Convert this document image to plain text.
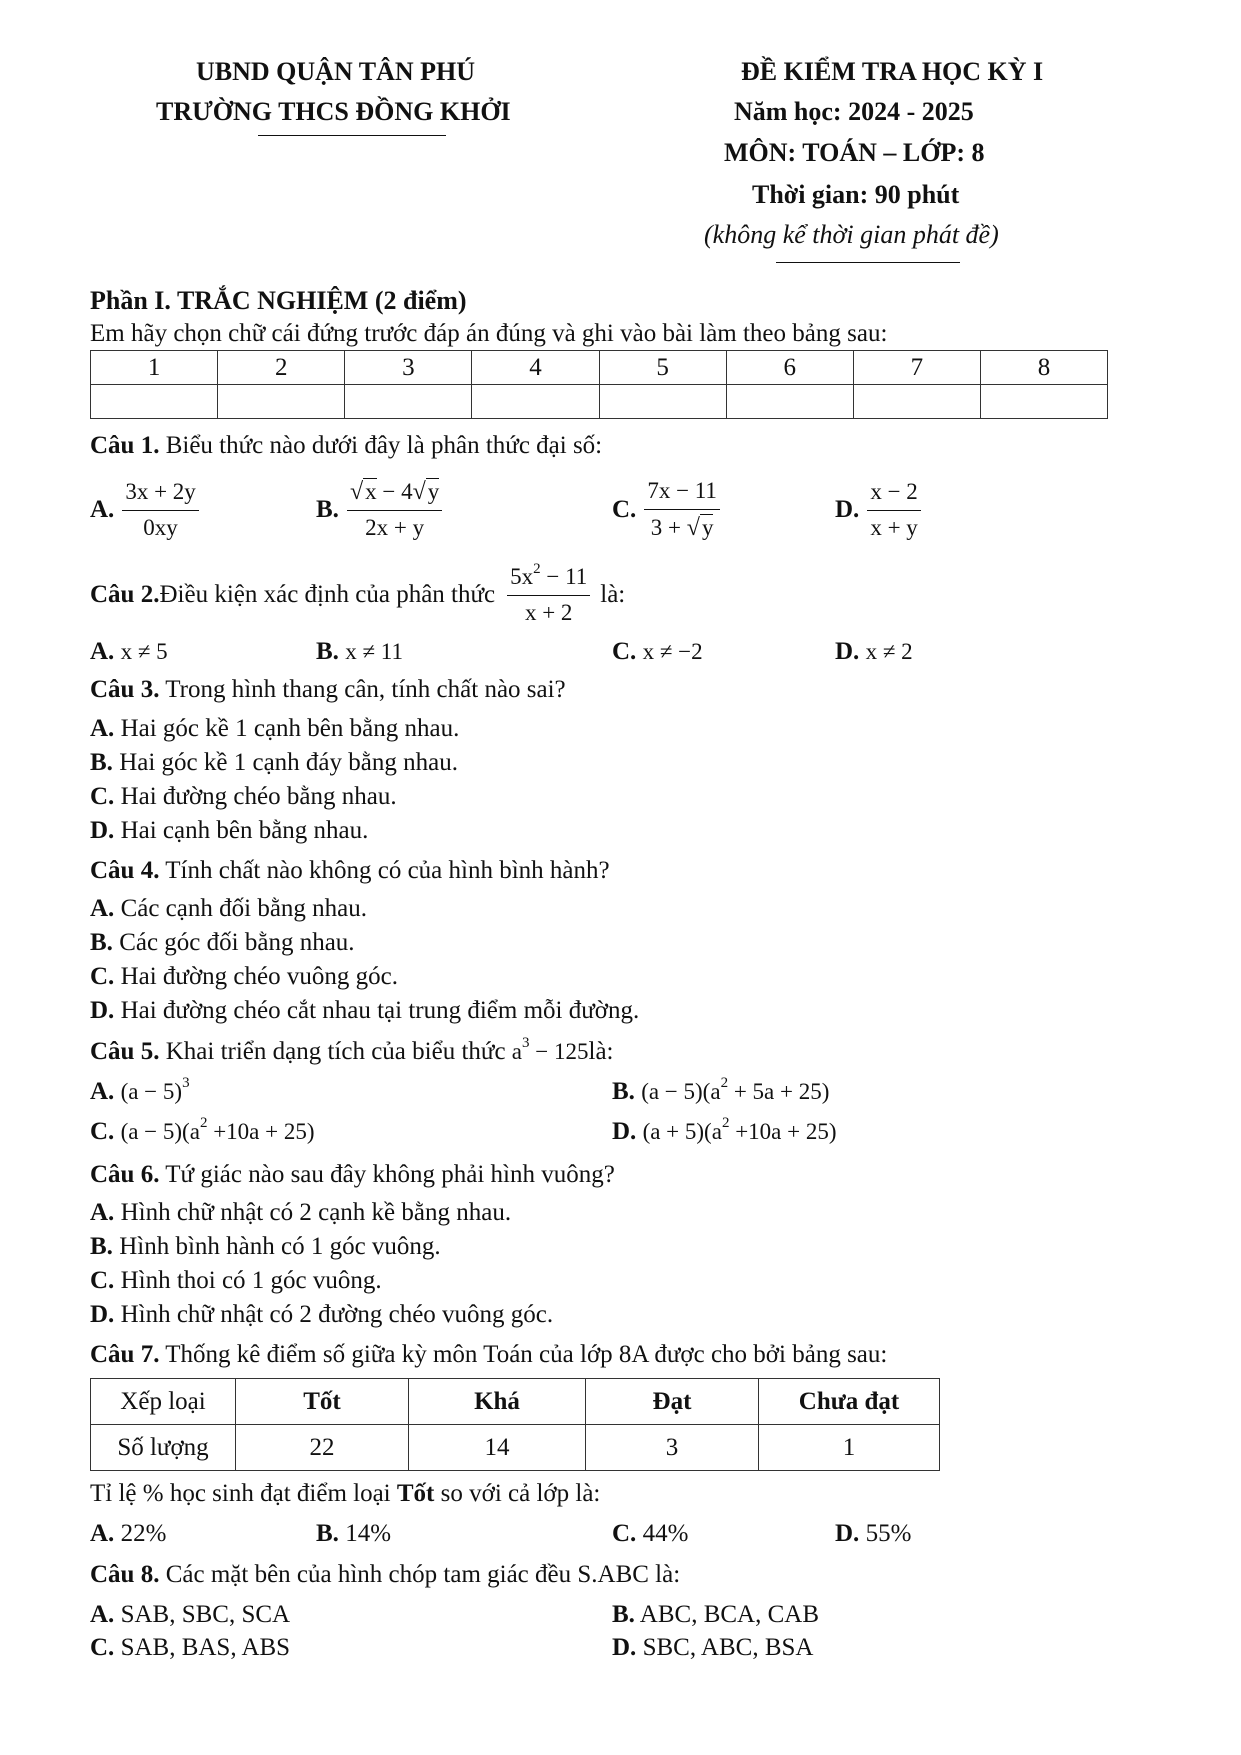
UBND QUẬN TÂN PHÚ
TRƯỜNG THCS ĐỒNG KHỞI
ĐỀ KIỂM TRA HỌC KỲ I
Năm học: 2024 - 2025
MÔN: TOÁN – LỚP: 8
Thời gian: 90 phút
(không kể thời gian phát đề)
Phần I. TRẮC NGHIỆM (2 điểm)
Em hãy chọn chữ cái đứng trước đáp án đúng và ghi vào bài làm theo bảng sau:
1	2	3	4	5	6	7	8

Câu 1. Biểu thức nào dưới đây là phân thức đại số:
A. $\frac{3x + 2y}{0xy}$	B. $\frac{√x - 4√y}{2x + y}$	C. $\frac{7x - 11}{3 + √y}$	D. $\frac{x - 2}{x + y}$
Câu 2. Điều kiện xác định của phân thức $\frac{5x^2 - 11}{x + 2}$ là:
A. x ≠ 5	B. x ≠ 11	C. x ≠ −2	D. x ≠ 2
Câu 3. Trong hình thang cân, tính chất nào sai?
A. Hai góc kề 1 cạnh bên bằng nhau.
B. Hai góc kề 1 cạnh đáy bằng nhau.
C. Hai đường chéo bằng nhau.
D. Hai cạnh bên bằng nhau.
Câu 4. Tính chất nào không có của hình bình hành?
A. Các cạnh đối bằng nhau.
B. Các góc đối bằng nhau.
C. Hai đường chéo vuông góc.
D. Hai đường chéo cắt nhau tại trung điểm mỗi đường.
Câu 5. Khai triển dạng tích của biểu thức $a^3$ − 125là:
A. $(a - 5)^3$	B. $(a - 5)(a^2 + 5a + 25)$
C. $(a - 5)(a^2 +10a + 25)$	D. $(a + 5)(a^2 +10a + 25)$
Câu 6. Tứ giác nào sau đây không phải hình vuông?
A. Hình chữ nhật có 2 cạnh kề bằng nhau.
B. Hình bình hành có 1 góc vuông.
C. Hình thoi có 1 góc vuông.
D. Hình chữ nhật có 2 đường chéo vuông góc.
Câu 7. Thống kê điểm số giữa kỳ môn Toán của lớp 8A được cho bởi bảng sau:
Xếp loại	Tốt	Khá	Đạt	Chưa đạt
Số lượng	22	14	3	1
Tỉ lệ % học sinh đạt điểm loại Tốt so với cả lớp là:
A. 22%	B. 14%	C. 44%	D. 55%
Câu 8. Các mặt bên của hình chóp tam giác đều S.ABC là:
A. SAB, SBC, SCA	B. ABC, BCA, CAB
C. SAB, BAS, ABS	D. SBC, ABC, BSA
